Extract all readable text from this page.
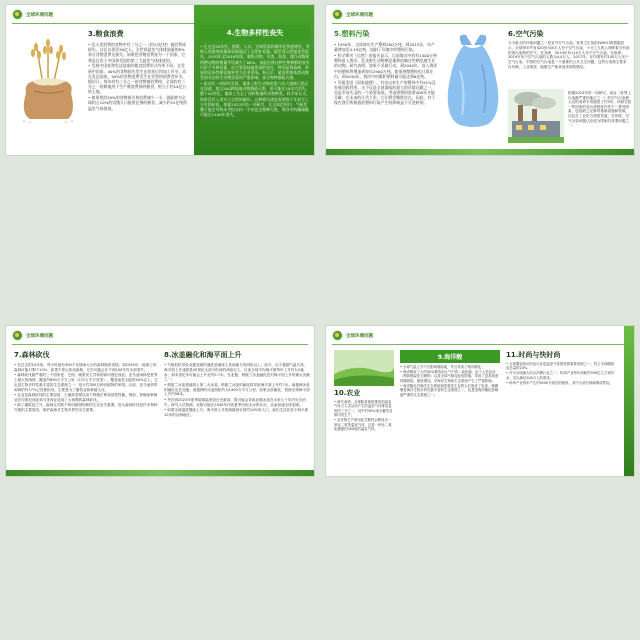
全球环境问题
3.粮食浪费

• 饥人类消费的食物中有三分之一（约13亿吨）被浪费或损失。这足以养活30亿人。全世界温室气体排放量的8%来自食物浪费及损失。如果把食物浪费视为一个国家，它将是仅次于中国和美国的第三大温室气体排放国。

• 发展中国家和发达国家的粮食浪费形式有所不同。在发展中国家，40%的食物损失发生在收获后和加工环节；而在发达国家，40%的食物浪费发生在零售和消费者环节。据估计，每年约有三分之一的食物被浪费掉。全球约有三分之一的耕地用于生产被浪费掉的粮食，相当于约14亿公顷土地。

• 如果把约50%的食物损失和浪费减少一半，就能够为全球约占10%的饥饿人口提供足够的粮食，减少约15亿吨的温室气体排放。

4.生物多样性丧失

• 在过去50年里，酒渠、人口、全球贸易和城市化快速增长，导致人类使用的地球资源超过了自然补充量。据世界自然基金会报告，1970年至2016年间，哺乳动物、鸟类、鱼类、爬行动物和两栖动物的数量平均减少了68%。该报告将这种生物种群的丧失归咎于多种因素，但主要是陆地用途的变化，特别是将森林、草原和沼泽等栖息地转变为农业系统。野山羊、鲨鱼和海龟等动物受到非法野生动物贸易的严重影响，部分物种濒临灭绝。

• 最近的一项研究发现，地球上野生动物的第六次大规模灭绝正在加速。超过500种陆地动物濒临灭绝，很可能在20年内消失。整个20世纪，地球上失去了同样数量的动物种类。科学家认为，如果没有人类对大自然的破坏，这种损失速度需要数千年甚至上万年的时间。根据2023年的一项研究，在全球范围内，气候变暖可能会导致本世纪末约一半的昆虫物种灭绝，海洋中的珊瑚礁可能在2100年消失。

全球环境问题
5.塑料污染

• 1950年，全球每年生产塑料200万吨。到2015年，年产量增加至4.19亿吨，加剧了环境中的塑料污染。

• 科学期刊《自然》的报告显示，目前海洋中约有1400万吨塑料进入海洋，危及野生动物栖息地和依赖这些栖息地生存的动物。研究表明，如果不采取行动，到2040年，进入海洋中的塑料将增加到每年2900万吨。如果将微塑料也计算在内，到2040年，海洋中的累积塑料量可能达到6亿吨。

• 另据美国《国家地理》，有史以来生产的塑料中有91%没有被回收利用，这不仅是全球面临的最大的环境问题之一，也是市场失灵的一个重要表现。考虑到塑料需要400年才能分解，在未来的几代人里，它们将会继续存在。因此，对于现在我们所制造的塑料垃圾产生的影响是不可逆转的。

6.空气污染
当今最大的环境问题之一是室外空气污染。世界卫生组织(WHO)的数据显示，全球每年约有420至700万人死于空气污染，十分之九的人呼吸着含有高浓度污染物的空气。在非洲，2019年有110万人死于空气污染。在欧洲，2019年死于空气污染的人数为4.4万人。2017年，在印度有约100万人死于空气污染，中国的空气污染是一个重要的公共卫生问题。这些污染物主要来自车辆、工业排放、能源生产和其他来源的燃烧。

根据2023年的一项研究，南亚（世界上污染最严重的地区之一）的空气污染使人们的寿命平均缩短了约5年。该研究将一些国家的高污染程度归咎于一系列因素，包括缺乏足够的基础设施和资源，以及在工业化方面的发展。在印度，空气污染问题已经成为国家的首要问题之一。

全球环境问题
7.森林砍伐

• 在过去的10年里，每小时就有300个足球场大小的森林被砍伐掉。到2030年，地球上的森林可能只剩下10%；如果不停止砍伐森林，它们可能会在不到100年内全部消失。

• 森林砍伐最严重的三个国家是：巴西、刚果民主共和国和印度尼西亚。亚马逊雨林是世界上最大的雨林，覆盖约690万平方公里（272万平方英里），覆盖南美大陆的40%以上。它也是生物多样性最丰富的生态系统之一，是大约300万种动植物的家园。目前，亚马逊热带雨林的约17%已经被砍伐，主要是为了畜牧业和种植大豆。

• 农业是森林砍伐的主要原因，土地被清理以用于种植庄稼和放牧牲畜。例如，棕榈油种植业在印度尼西亚和马来西亚造成了大规模的森林砍伐。

• 除了碳排放之外，森林还对数千种动植物物种的生存至关重要。因为森林砍伐是许多物种灭绝的主要原因，保护森林对生物多样性至关重要。

8.冰盖融化和海平面上升

• 气候危机导致北极变暖的速度是地球上其他地方的两倍以上。如今，由于极端气温升高，海平面上升速度是20世纪大部分时间的两倍以上。目前全球平均海平面每年上升约3.2毫米，到本世纪末可能会上升至约0.7米。在北极，格陵兰冰盖融化是对海平面上升的最大贡献之一。

• 格陵兰冰盖是地球上第二大冰盖，格陵兰冰盖的融化将导致海平面上升约7米。南极洲冰盖的融化也在加速，南极洲的冰盖面积约为1400万平方公里，如果全部融化，将使全球海平面上升约58米。

• 考虑到2023年夏季地球温度创历史最高，很可能会导致北极冰盖在未来几十年内完全消失。研究人员预测，北极可能在2030年代的夏季出现无冰的状况，从而加速全球变暖。

• 如果全球温度继续上升，海平面上升将威胁到全球约10%的人口，他们生活在低于海平面10米的沿海地区。

全球环境问题
10.农业

• 研究表明，全球粮食系统排放的温室气体占人类活动产生的温室气体排放量的约三分之一，其中约30%来自畜牧业和肉类生产。

• 农作物生产使用化学肥料会释放出一氧化二氮等温室气体，这是一种比二氧化碳强约300倍的温室气体。

9.海洋酸

• 全球气温上升不仅影响着陆地，并且导致了海洋酸化。

• 海洋吸收了大约30%释放到大气中的二氧化碳，由于人类活动（例如燃烧化石燃料）以及全球气候变化的影响，导致了更高浓度的碳排放，酸度增加，对海洋生物和生态系统产生了严重影响。

• 海洋酸化对海洋生态系统和依靠其生存的人们造成了危害，珊瑚礁是海洋生物多样性最丰富的生态系统之一，也是受海洋酸化影响最严重的生态系统之一。

11.时尚与快时尚

• 全球服装和纺织品行业是温室气体排放的重要来源之一，约占全球碳排放总量的10%。

• 作为全球最大的水消费行业之一，时尚产业每年消耗约930亿立方米的水，足以满足500万人的需求。

• 时尚产业每年产生约9200万吨纺织废料，其中大部分被填埋或焚烧。
